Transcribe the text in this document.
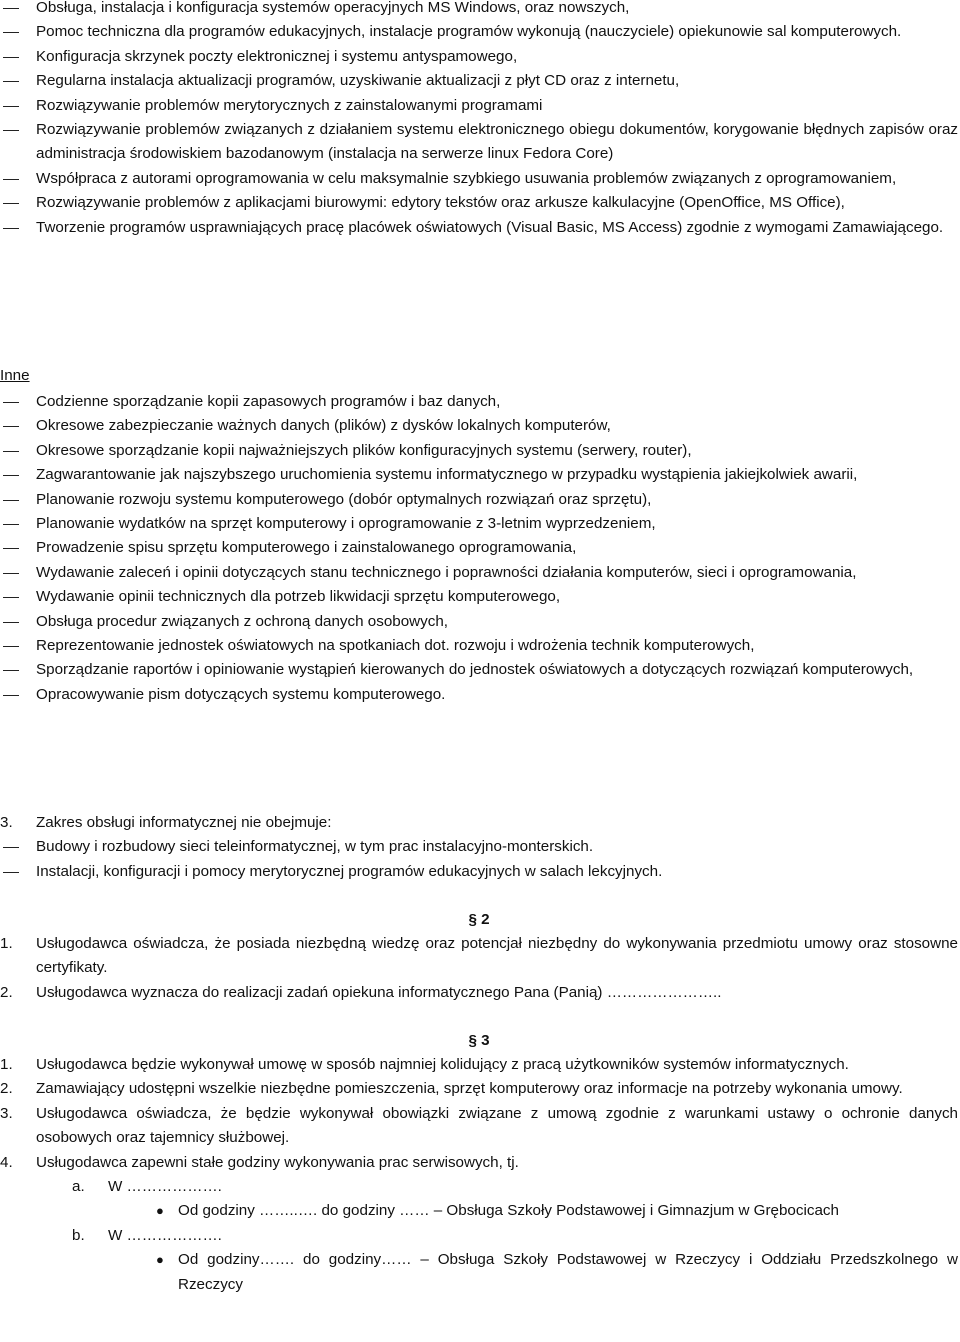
Obsługa, instalacja i konfiguracja systemów operacyjnych MS Windows, oraz nowszych,
Pomoc techniczna dla programów edukacyjnych, instalacje programów wykonują (nauczyciele) opiekunowie sal komputerowych.
Konfiguracja skrzynek poczty elektronicznej i systemu antyspamowego,
Regularna instalacja aktualizacji programów, uzyskiwanie aktualizacji z płyt CD oraz z internetu,
Rozwiązywanie problemów merytorycznych z zainstalowanymi programami
Rozwiązywanie problemów związanych z działaniem systemu elektronicznego obiegu dokumentów, korygowanie błędnych zapisów oraz administracja środowiskiem bazodanowym (instalacja na serwerze linux Fedora Core)
Współpraca z autorami oprogramowania w celu maksymalnie szybkiego usuwania problemów związanych z oprogramowaniem,
Rozwiązywanie problemów z aplikacjami biurowymi: edytory tekstów oraz arkusze kalkulacyjne (OpenOffice, MS Office),
Tworzenie programów usprawniających pracę placówek oświatowych (Visual Basic, MS Access) zgodnie z wymogami Zamawiającego.
Inne
Codzienne sporządzanie kopii zapasowych programów i baz danych,
Okresowe zabezpieczanie ważnych danych (plików) z dysków lokalnych komputerów,
Okresowe sporządzanie kopii najważniejszych plików konfiguracyjnych systemu (serwery, router),
Zagwarantowanie jak najszybszego uruchomienia systemu informatycznego w przypadku wystąpienia jakiejkolwiek awarii,
Planowanie rozwoju systemu komputerowego (dobór optymalnych rozwiązań oraz sprzętu),
Planowanie wydatków na sprzęt komputerowy i oprogramowanie z 3-letnim wyprzedzeniem,
Prowadzenie spisu sprzętu komputerowego i zainstalowanego oprogramowania,
Wydawanie zaleceń i opinii dotyczących stanu technicznego i poprawności działania komputerów, sieci i oprogramowania,
Wydawanie opinii technicznych dla potrzeb likwidacji sprzętu komputerowego,
Obsługa procedur związanych z ochroną danych osobowych,
Reprezentowanie jednostek oświatowych na spotkaniach dot. rozwoju i wdrożenia technik komputerowych,
Sporządzanie raportów i opiniowanie wystąpień kierowanych do jednostek oświatowych a dotyczących rozwiązań komputerowych,
Opracowywanie pism dotyczących systemu komputerowego.
3. Zakres obsługi informatycznej nie obejmuje:
Budowy i rozbudowy sieci teleinformatycznej, w tym prac instalacyjno-monterskich.
Instalacji, konfiguracji i pomocy merytorycznej programów edukacyjnych w salach lekcyjnych.
§ 2
1. Usługodawca oświadcza, że posiada niezbędną wiedzę oraz potencjał niezbędny do wykonywania przedmiotu umowy oraz stosowne certyfikaty.
2. Usługodawca wyznacza do realizacji zadań opiekuna informatycznego Pana (Panią) …………………..
§ 3
1. Usługodawca będzie wykonywał umowę w sposób najmniej kolidujący z pracą użytkowników systemów informatycznych.
2. Zamawiający udostępni wszelkie niezbędne pomieszczenia, sprzęt komputerowy oraz informacje na potrzeby wykonania umowy.
3. Usługodawca oświadcza, że będzie wykonywał obowiązki związane z umową zgodnie z warunkami ustawy o ochronie danych osobowych oraz tajemnicy służbowej.
4. Usługodawca zapewni stałe godziny wykonywania prac serwisowych, tj.
a. W ……………….
● Od godziny ……..…. do godziny …… – Obsługa Szkoły Podstawowej i Gimnazjum w Grębocicach
b. W ……………….
● Od godziny……. do godziny…… – Obsługa Szkoły Podstawowej w Rzeczycy i Oddziału Przedszkolnego w Rzeczycy
